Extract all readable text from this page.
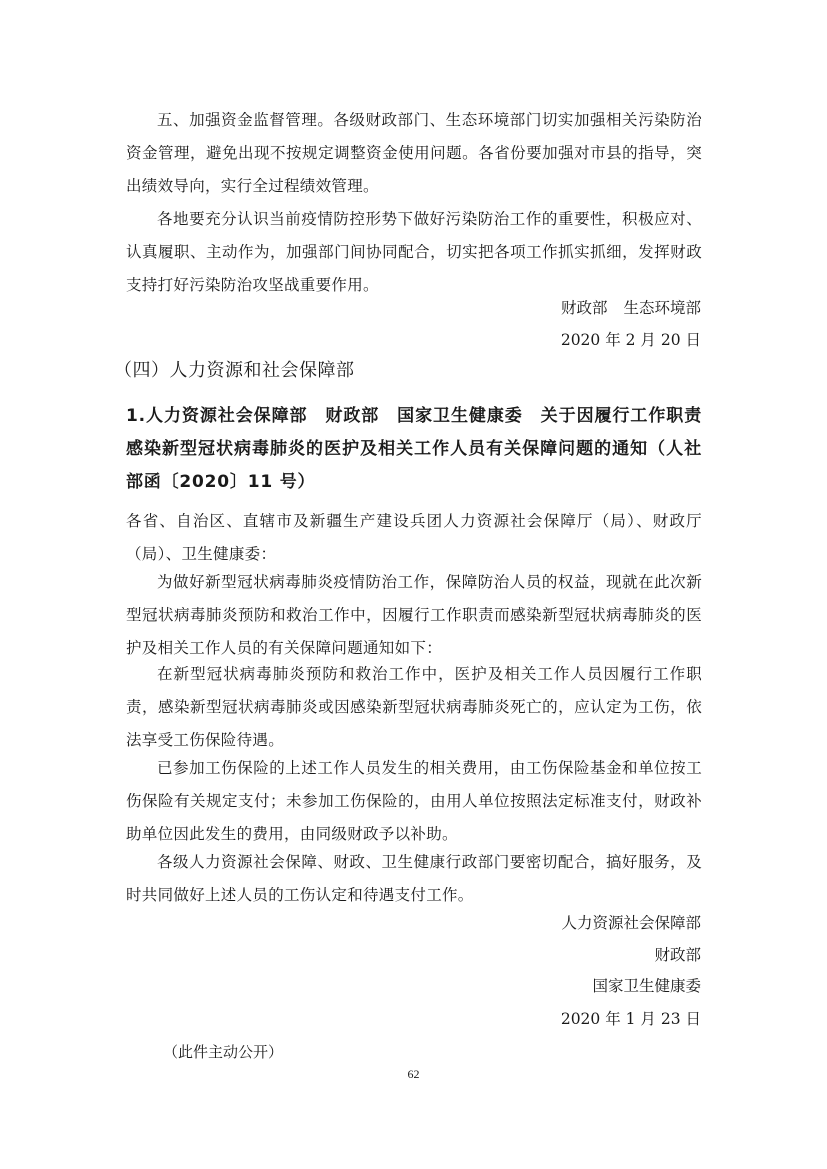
五、加强资金监督管理。各级财政部门、生态环境部门切实加强相关污染防治资金管理，避免出现不按规定调整资金使用问题。各省份要加强对市县的指导，突出绩效导向，实行全过程绩效管理。

各地要充分认识当前疫情防控形势下做好污染防治工作的重要性，积极应对、认真履职、主动作为，加强部门间协同配合，切实把各项工作抓实抓细，发挥财政支持打好污染防治攻坚战重要作用。

财政部 生态环境部

2020 年 2 月 20 日

（四）人力资源和社会保障部

1.人力资源社会保障部　财政部　国家卫生健康委　关于因履行工作职责感染新型冠状病毒肺炎的医护及相关工作人员有关保障问题的通知（人社部函〔2020〕11 号）

各省、自治区、直辖市及新疆生产建设兵团人力资源社会保障厅（局）、财政厅（局）、卫生健康委：

为做好新型冠状病毒肺炎疫情防治工作，保障防治人员的权益，现就在此次新型冠状病毒肺炎预防和救治工作中，因履行工作职责而感染新型冠状病毒肺炎的医护及相关工作人员的有关保障问题通知如下：

在新型冠状病毒肺炎预防和救治工作中，医护及相关工作人员因履行工作职责，感染新型冠状病毒肺炎或因感染新型冠状病毒肺炎死亡的，应认定为工伤，依法享受工伤保险待遇。

已参加工伤保险的上述工作人员发生的相关费用，由工伤保险基金和单位按工伤保险有关规定支付；未参加工伤保险的，由用人单位按照法定标准支付，财政补助单位因此发生的费用，由同级财政予以补助。

各级人力资源社会保障、财政、卫生健康行政部门要密切配合，搞好服务，及时共同做好上述人员的工伤认定和待遇支付工作。

人力资源社会保障部

财政部

国家卫生健康委

2020 年 1 月 23 日

（此件主动公开）

62
